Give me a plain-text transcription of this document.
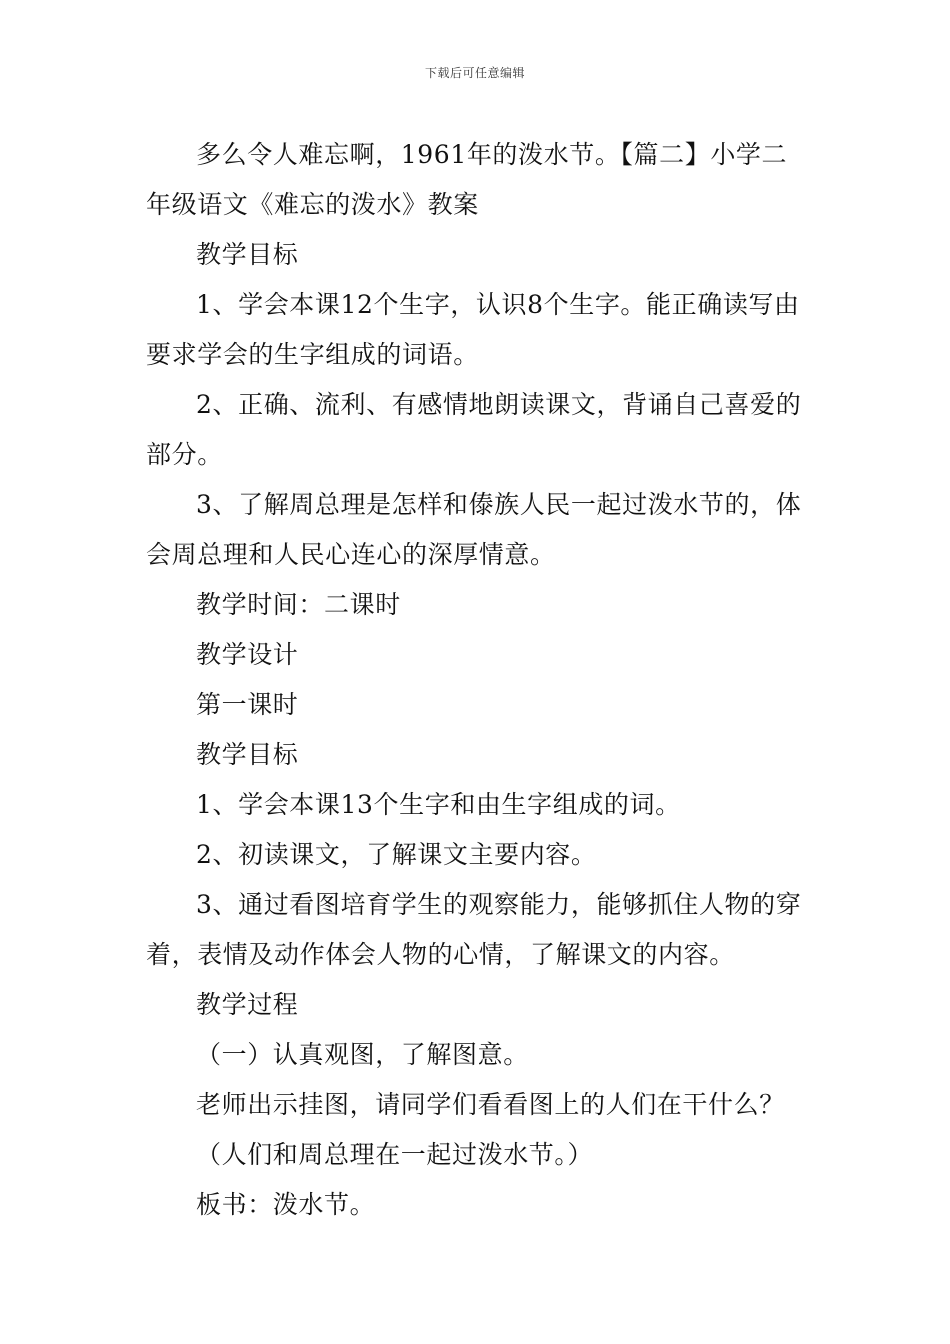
下载后可任意编辑

多么令人难忘啊，1961年的泼水节。【篇二】小学二年级语文《难忘的泼水》教案

教学目标

1、学会本课12个生字，认识8个生字。能正确读写由要求学会的生字组成的词语。

2、正确、流利、有感情地朗读课文，背诵自己喜爱的部分。

3、了解周总理是怎样和傣族人民一起过泼水节的，体会周总理和人民心连心的深厚情意。

教学时间：二课时

教学设计

第一课时

教学目标

1、学会本课13个生字和由生字组成的词。

2、初读课文，了解课文主要内容。

3、通过看图培育学生的观察能力，能够抓住人物的穿着，表情及动作体会人物的心情，了解课文的内容。

教学过程

（一）认真观图，了解图意。

老师出示挂图，请同学们看看图上的人们在干什么？

（人们和周总理在一起过泼水节。）

板书：泼水节。
